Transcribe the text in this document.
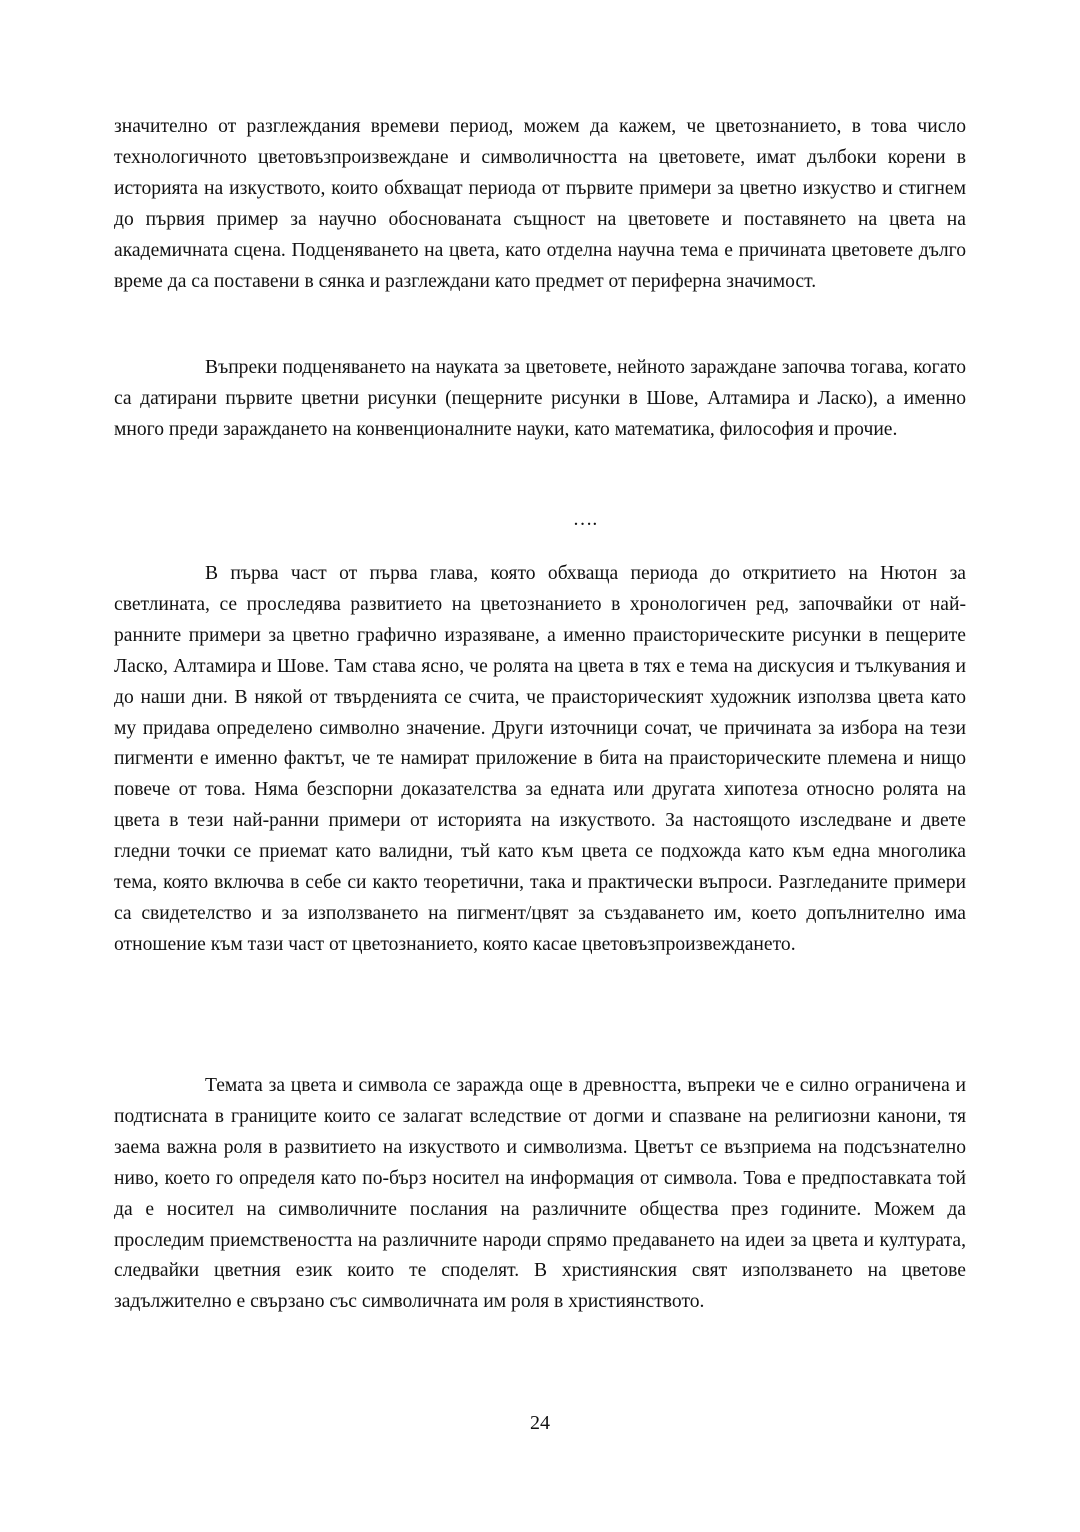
значително от разглеждания времеви период, можем да кажем, че цветознанието, в това число технологичното цветовъзпроизвеждане и символичността на цветовете, имат дълбоки корени в историята на изкуството, които обхващат периода от първите примери за цветно изкуство и стигнем до първия пример за научно обоснованата същност на цветовете и поставянето на цвета на академичната сцена. Подценяването на цвета, като отделна научна тема е причината цветовете дълго време да са поставени в сянка и разглеждани като предмет от периферна значимост.

Въпреки подценяването на науката за цветовете, нейното зараждане започва тогава, когато са датирани първите цветни рисунки (пещерните рисунки в Шове, Алтамира и Ласко), а именно много преди зараждането на конвенционалните науки, като математика, философия и прочие.

….

В първа част от първа глава, която обхваща периода до откритието на Нютон за светлината, се проследява развитието на цветознанието в хронологичен ред, започвайки от най-ранните примери за цветно графично изразяване, а именно праисторическите рисунки в пещерите Ласко, Алтамира и Шове. Там става ясно, че ролята на цвета в тях е тема на дискусия и тълкувания и до наши дни. В някой от твърденията се счита, че праисторическият художник използва цвета като му придава определено символно значение. Други източници сочат, че причината за избора на тези пигменти е именно фактът, че те намират приложение в бита на праисторическите племена и нищо повече от това. Няма безспорни доказателства за едната или другата хипотеза относно ролята на цвета в тези най-ранни примери от историята на изкуството. За настоящото изследване и двете гледни точки се приемат като валидни, тъй като към цвета се подхожда като към една многолика тема, която включва в себе си както теоретични, така и практически въпроси. Разгледаните примери са свидетелство и за използването на пигмент/цвят за създаването им, което допълнително има отношение към тази част от цветознанието, която касае цветовъзпроизвеждането.

Темата за цвета и символа се заражда още в древността, въпреки че е силно ограничена и подтисната в границите които се залагат вследствие от догми и спазване на религиозни канони, тя заема важна роля в развитието на изкуството и символизма. Цветът се възприема на подсъзнателно ниво, което го определя като по-бърз носител на информация от символа. Това е предпоставката той да е носител на символичните послания на различните общества през годините. Можем да проследим приемствеността на различните народи спрямо предаването на идеи за цвета и културата, следвайки цветния език които те споделят. В християнския свят използването на цветове задължително е свързано със символичната им роля в християнството.

24
